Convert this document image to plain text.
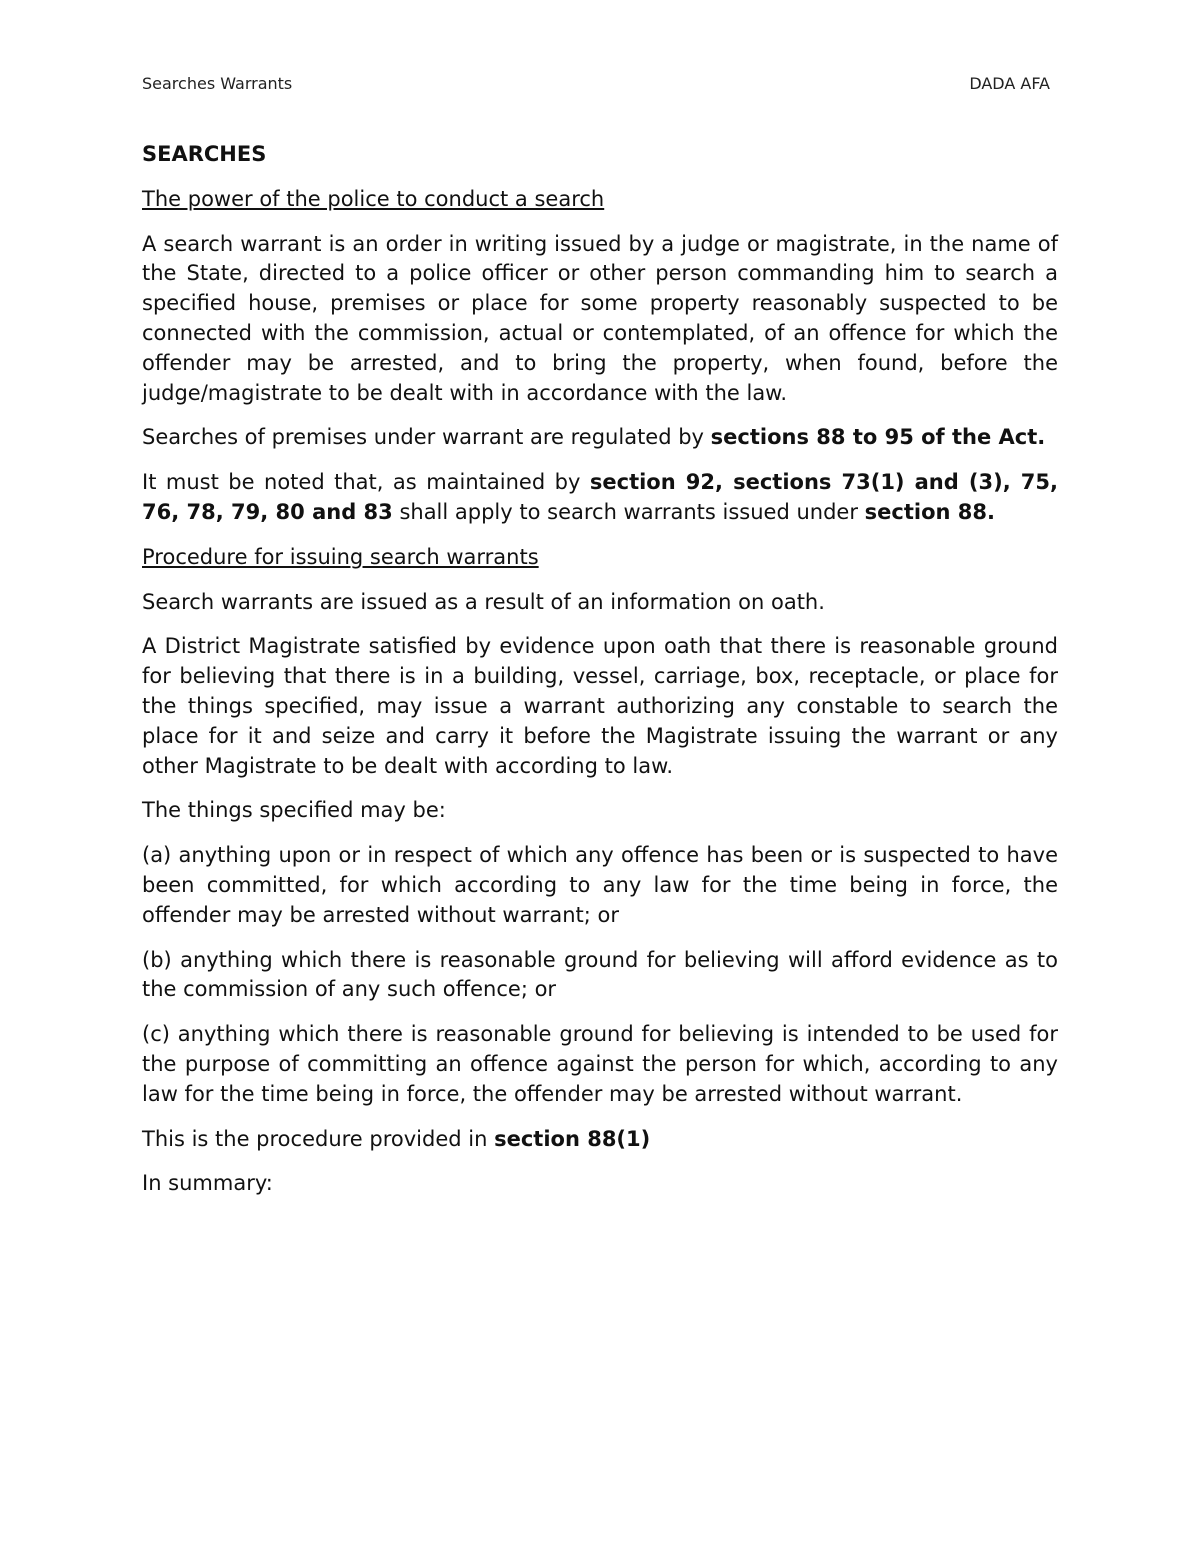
Searches Warrants	DADA AFA

SEARCHES

The power of the police to conduct a search

A search warrant is an order in writing issued by a judge or magistrate, in the name of the State, directed to a police officer or other person commanding him to search a specified house, premises or place for some property reasonably suspected to be connected with the commission, actual or contemplated, of an offence for which the offender may be arrested, and to bring the property, when found, before the judge/magistrate to be dealt with in accordance with the law.

Searches of premises under warrant are regulated by sections 88 to 95 of the Act.

It must be noted that, as maintained by section 92, sections 73(1) and (3), 75, 76, 78, 79, 80 and 83 shall apply to search warrants issued under section 88.

Procedure for issuing search warrants

Search warrants are issued as a result of an information on oath.

A District Magistrate satisfied by evidence upon oath that there is reasonable ground for believing that there is in a building, vessel, carriage, box, receptacle, or place for the things specified, may issue a warrant authorizing any constable to search the place for it and seize and carry it before the Magistrate issuing the warrant or any other Magistrate to be dealt with according to law.

The things specified may be:

(a) anything upon or in respect of which any offence has been or is suspected to have been committed, for which according to any law for the time being in force, the offender may be arrested without warrant; or

(b) anything which there is reasonable ground for believing will afford evidence as to the commission of any such offence; or

(c) anything which there is reasonable ground for believing is intended to be used for the purpose of committing an offence against the person for which, according to any law for the time being in force, the offender may be arrested without warrant.

This is the procedure provided in section 88(1)

In summary:
